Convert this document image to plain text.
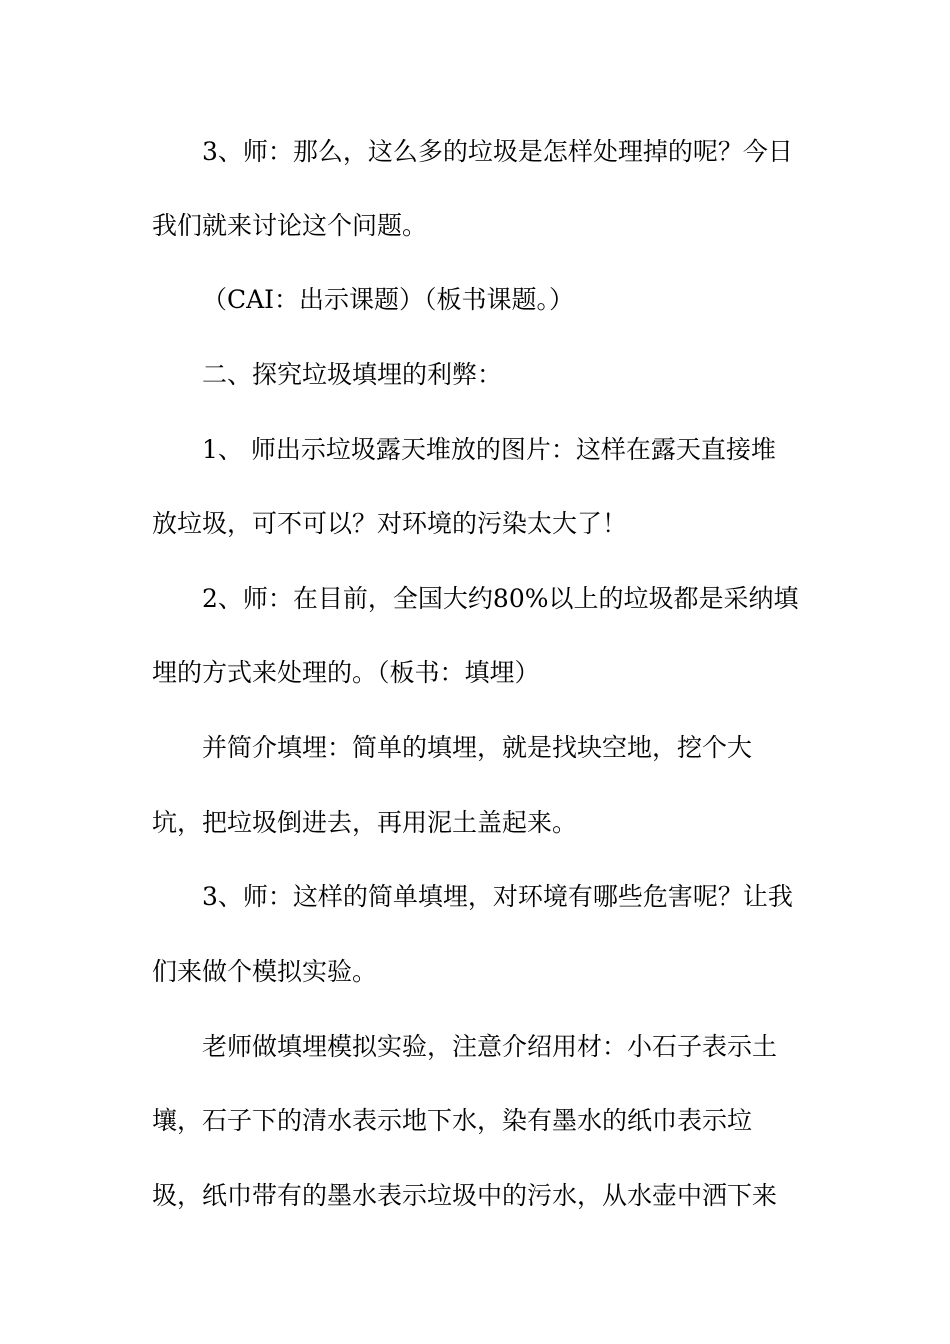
3、师：那么，这么多的垃圾是怎样处理掉的呢？今日
我们就来讨论这个问题。
（CAI：出示课题）（板书课题。）
二、探究垃圾填埋的利弊：
1、 师出示垃圾露天堆放的图片：这样在露天直接堆
放垃圾，可不可以？对环境的污染太大了！
2、师：在目前，全国大约80%以上的垃圾都是采纳填
埋的方式来处理的。（板书：填埋）
并简介填埋：简单的填埋，就是找块空地，挖个大
坑，把垃圾倒进去，再用泥土盖起来。
3、师：这样的简单填埋，对环境有哪些危害呢？让我
们来做个模拟实验。
老师做填埋模拟实验，注意介绍用材：小石子表示土
壤，石子下的清水表示地下水，染有墨水的纸巾表示垃
圾，纸巾带有的墨水表示垃圾中的污水，从水壶中洒下来
